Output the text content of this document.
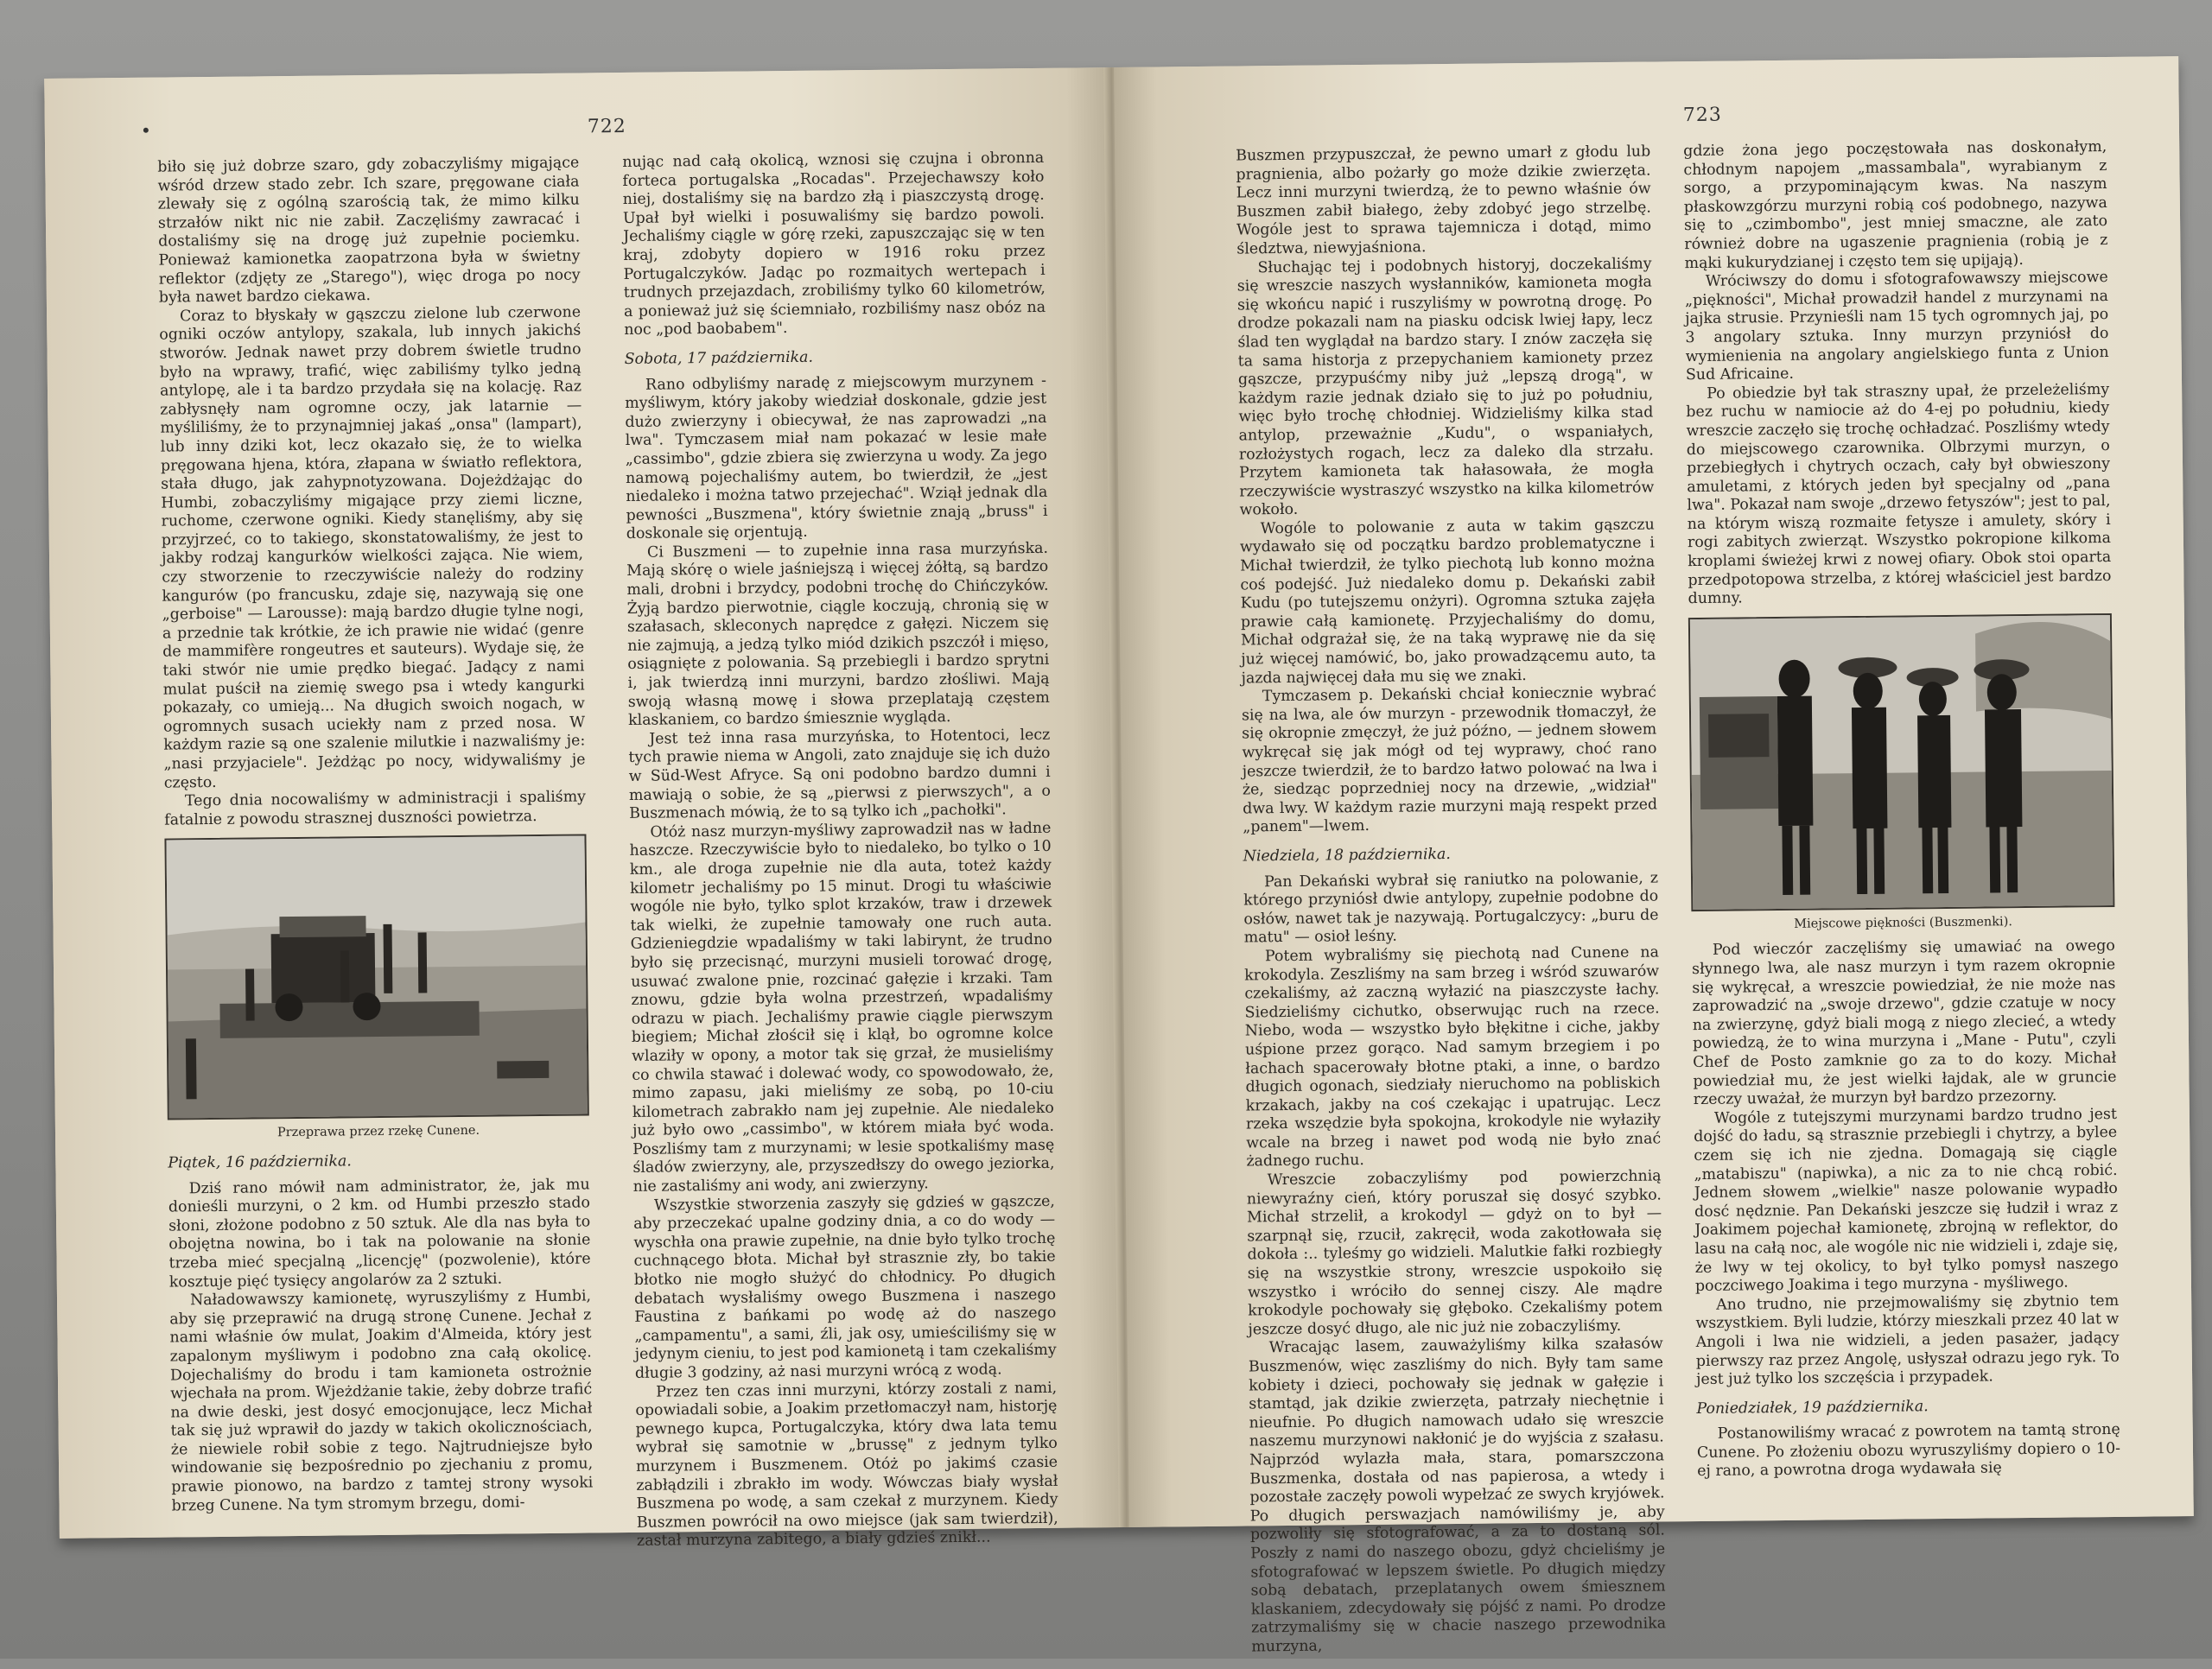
722

biło się już dobrze szaro, gdy zobaczyliśmy migające wśród drzew stado zebr. Ich szare, pręgowane ciała zlewały się z ogólną szarością tak, że mimo kilku strzałów nikt nic nie zabił. Zaczęliśmy zawracać i dostaliśmy się na drogę już zupełnie pociemku. Ponieważ kamionetka zaopatrzona była w świetny reflektor (zdjęty ze „Starego"), więc droga po nocy była nawet bardzo ciekawa.

Coraz to błyskały w gąszczu zielone lub czerwone ogniki oczów antylopy, szakala, lub innych jakichś stworów. Jednak nawet przy dobrem świetle trudno było na wprawy, trafić, więc zabiliśmy tylko jedną antylopę, ale i ta bardzo przydała się na kolację. Raz zabłysnęły nam ogromne oczy, jak latarnie — myśliliśmy, że to przynajmniej jakaś „onsa" (lampart), lub inny dziki kot, lecz okazało się, że to wielka pręgowana hjena, która, złapana w światło reflektora, stała długo, jak zahypnotyzowana. Dojeżdżając do Humbi, zobaczyliśmy migające przy ziemi liczne, ruchome, czerwone ogniki. Kiedy stanęliśmy, aby się przyjrzeć, co to takiego, skonstatowaliśmy, że jest to jakby rodzaj kangurków wielkości zająca. Nie wiem, czy stworzenie to rzeczywiście należy do rodziny kangurów (po francusku, zdaje się, nazywają się one „gerboise" — Larousse): mają bardzo długie tylne nogi, a przednie tak krótkie, że ich prawie nie widać (genre de mammifère rongeutres et sauteurs). Wydaje się, że taki stwór nie umie prędko biegać. Jadący z nami mulat puścił na ziemię swego psa i wtedy kangurki pokazały, co umieją... Na długich swoich nogach, w ogromnych susach uciekły nam z przed nosa. W każdym razie są one szalenie milutkie i nazwaliśmy je: „nasi przyjaciele". Jeżdżąc po nocy, widywaliśmy je często.

Tego dnia nocowaliśmy w administracji i spaliśmy fatalnie z powodu strasznej duszności powietrza.

Przeprawa przez rzekę Cunene.

Piątek, 16 października.

Dziś rano mówił nam administrator, że, jak mu donieśli murzyni, o 2 km. od Humbi przeszło stado słoni, złożone podobno z 50 sztuk. Ale dla nas była to obojętna nowina, bo i tak na polowanie na słonie trzeba mieć specjalną „licencję" (pozwolenie), które kosztuje pięć tysięcy angolarów za 2 sztuki.

Naładowawszy kamionetę, wyruszyliśmy z Humbi, aby się przeprawić na drugą stronę Cunene. Jechał z nami właśnie ów mulat, Joakim d'Almeida, który jest zapalonym myśliwym i podobno zna całą okolicę. Dojechaliśmy do brodu i tam kamioneta ostrożnie wjechała na prom. Wjeżdżanie takie, żeby dobrze trafić na dwie deski, jest dosyć emocjonujące, lecz Michał tak się już wprawił do jazdy w takich okolicznościach, że niewiele robił sobie z tego. Najtrudniejsze było windowanie się bezpośrednio po zjechaniu z promu, prawie pionowo, na bardzo z tamtej strony wysoki brzeg Cunene. Na tym stromym brzegu, domi-

nując nad całą okolicą, wznosi się czujna i obronna forteca portugalska „Rocadas". Przejechawszy koło niej, dostaliśmy się na bardzo złą i piaszczystą drogę. Upał był wielki i posuwaliśmy się bardzo powoli. Jechaliśmy ciągle w górę rzeki, zapuszczając się w ten kraj, zdobyty dopiero w 1916 roku przez Portugalczyków. Jadąc po rozmaitych wertepach i trudnych przejazdach, zrobiliśmy tylko 60 kilometrów, a ponieważ już się ściemniało, rozbiliśmy nasz obóz na noc „pod baobabem".

Sobota, 17 października.

Rano odbyliśmy naradę z miejscowym murzynem - myśliwym, który jakoby wiedział doskonale, gdzie jest dużo zwierzyny i obiecywał, że nas zaprowadzi „na lwa". Tymczasem miał nam pokazać w lesie małe „cassimbo", gdzie zbiera się zwierzyna u wody. Za jego namową pojechaliśmy autem, bo twierdził, że „jest niedaleko i można tatwo przejechać". Wziął jednak dla pewności „Buszmena", który świetnie znają „bruss" i doskonale się orjentują.

Ci Buszmeni — to zupełnie inna rasa murzyńska. Mają skórę o wiele jaśniejszą i więcej żółtą, są bardzo mali, drobni i brzydcy, podobni trochę do Chińczyków. Żyją bardzo pierwotnie, ciągle koczują, chronią się w szałasach, skleconych naprędce z gałęzi. Niczem się nie zajmują, a jedzą tylko miód dzikich pszczół i mięso, osiągnięte z polowania. Są przebiegli i bardzo sprytni i, jak twierdzą inni murzyni, bardzo złośliwi. Mają swoją własną mowę i słowa przeplatają częstem klaskaniem, co bardzo śmiesznie wygląda.

Jest też inna rasa murzyńska, to Hotentoci, lecz tych prawie niema w Angoli, zato znajduje się ich dużo w Süd-West Afryce. Są oni podobno bardzo dumni i mawiają o sobie, że są „pierwsi z pierwszych", a o Buszmenach mówią, że to są tylko ich „pachołki".

Otóż nasz murzyn-myśliwy zaprowadził nas w ładne haszcze. Rzeczywiście było to niedaleko, bo tylko o 10 km., ale droga zupełnie nie dla auta, toteż każdy kilometr jechaliśmy po 15 minut. Drogi tu właściwie wogóle nie było, tylko splot krzaków, traw i drzewek tak wielki, że zupełnie tamowały one ruch auta. Gdzieniegdzie wpadaliśmy w taki labirynt, że trudno było się przecisnąć, murzyni musieli torować drogę, usuwać zwalone pnie, rozcinać gałęzie i krzaki. Tam znowu, gdzie była wolna przestrzeń, wpadaliśmy odrazu w piach. Jechaliśmy prawie ciągle pierwszym biegiem; Michał złościł się i klął, bo ogromne kolce wlaziły w opony, a motor tak się grzał, że musieliśmy co chwila stawać i dolewać wody, co spowodowało, że, mimo zapasu, jaki mieliśmy ze sobą, po 10-ciu kilometrach zabrakło nam jej zupełnie. Ale niedaleko już było owo „cassimbo", w którem miała być woda. Poszliśmy tam z murzynami; w lesie spotkaliśmy masę śladów zwierzyny, ale, przyszedłszy do owego jeziorka, nie zastaliśmy ani wody, ani zwierzyny.

Wszystkie stworzenia zaszyły się gdzieś w gąszcze, aby przeczekać upalne godziny dnia, a co do wody — wyschła ona prawie zupełnie, na dnie było tylko trochę cuchnącego błota. Michał był strasznie zły, bo takie błotko nie mogło służyć do chłodnicy. Po długich debatach wysłaliśmy owego Buszmena i naszego Faustina z bańkami po wodę aż do naszego „campamentu", a sami, źli, jak osy, umieściliśmy się w jedynym cieniu, to jest pod kamionetą i tam czekaliśmy długie 3 godziny, aż nasi murzyni wrócą z wodą.

Przez ten czas inni murzyni, którzy zostali z nami, opowiadali sobie, a Joakim przetłomaczył nam, historję pewnego kupca, Portugalczyka, który dwa lata temu wybrał się samotnie w „brussę" z jednym tylko murzynem i Buszmenem. Otóż po jakimś czasie zabłądzili i zbrakło im wody. Wówczas biały wysłał Buszmena po wodę, a sam czekał z murzynem. Kiedy Buszmen powrócił na owo miejsce (jak sam twierdził), zastał murzyna zabitego, a biały gdzieś znikł...

723

Buszmen przypuszczał, że pewno umarł z głodu lub pragnienia, albo pożarły go może dzikie zwierzęta. Lecz inni murzyni twierdzą, że to pewno właśnie ów Buszmen zabił białego, żeby zdobyć jego strzelbę. Wogóle jest to sprawa tajemnicza i dotąd, mimo śledztwa, niewyjaśniona.

Słuchając tej i podobnych historyj, doczekaliśmy się wreszcie naszych wysłanników, kamioneta mogła się wkońcu napić i ruszyliśmy w powrotną drogę. Po drodze pokazali nam na piasku odcisk lwiej łapy, lecz ślad ten wyglądał na bardzo stary. I znów zaczęła się ta sama historja z przepychaniem kamionety przez gąszcze, przypuśćmy niby już „lepszą drogą", w każdym razie jednak działo się to już po południu, więc było trochę chłodniej. Widzieliśmy kilka stad antylop, przeważnie „Kudu", o wspaniałych, rozłożystych rogach, lecz za daleko dla strzału. Przytem kamioneta tak hałasowała, że mogła rzeczywiście wystraszyć wszystko na kilka kilometrów wokoło.

Wogóle to polowanie z auta w takim gąszczu wydawało się od początku bardzo problematyczne i Michał twierdził, że tylko piechotą lub konno można coś podejść. Już niedaleko domu p. Dekański zabił Kudu (po tutejszemu onżyri). Ogromna sztuka zajęła prawie całą kamionetę. Przyjechaliśmy do domu, Michał odgrażał się, że na taką wyprawę nie da się już więcej namówić, bo, jako prowadzącemu auto, ta jazda najwięcej dała mu się we znaki.

Tymczasem p. Dekański chciał koniecznie wybrać się na lwa, ale ów murzyn - przewodnik tłomaczył, że się okropnie zmęczył, że już późno, — jednem słowem wykręcał się jak mógł od tej wyprawy, choć rano jeszcze twierdził, że to bardzo łatwo polować na lwa i że, siedząc poprzedniej nocy na drzewie, „widział" dwa lwy. W każdym razie murzyni mają respekt przed „panem"—lwem.

Niedziela, 18 października.

Pan Dekański wybrał się raniutko na polowanie, z którego przyniósł dwie antylopy, zupełnie podobne do osłów, nawet tak je nazywają. Portugalczycy: „buru de matu" — osioł leśny.

Potem wybraliśmy się piechotą nad Cunene na krokodyla. Zeszliśmy na sam brzeg i wśród szuwarów czekaliśmy, aż zaczną wyłazić na piaszczyste łachy. Siedzieliśmy cichutko, obserwując ruch na rzece. Niebo, woda — wszystko było błękitne i ciche, jakby uśpione przez gorąco. Nad samym brzegiem i po łachach spacerowały błotne ptaki, a inne, o bardzo długich ogonach, siedziały nieruchomo na pobliskich krzakach, jakby na coś czekając i upatrując. Lecz rzeka wszędzie była spokojna, krokodyle nie wyłaziły wcale na brzeg i nawet pod wodą nie było znać żadnego ruchu.

Wreszcie zobaczyliśmy pod powierzchnią niewyraźny cień, który poruszał się dosyć szybko. Michał strzelił, a krokodyl — gdyż on to był — szarpnął się, rzucił, zakręcił, woda zakotłowała się dokoła :.. tyleśmy go widzieli. Malutkie fałki rozbiegły się na wszystkie strony, wreszcie uspokoiło się wszystko i wróciło do sennej ciszy. Ale mądre krokodyle pochowały się głęboko. Czekaliśmy potem jeszcze dosyć długo, ale nic już nie zobaczyliśmy.

Wracając lasem, zauważyliśmy kilka szałasów Buszmenów, więc zaszliśmy do nich. Były tam same kobiety i dzieci, pochowały się jednak w gałęzie i stamtąd, jak dzikie zwierzęta, patrzały niechętnie i nieufnie. Po długich namowach udało się wreszcie naszemu murzynowi nakłonić je do wyjścia z szałasu. Najprzód wylazła mała, stara, pomarszczona Buszmenka, dostała od nas papierosa, a wtedy i pozostałe zaczęły powoli wypełzać ze swych kryjówek. Po długich perswazjach namówiliśmy je, aby pozwoliły się sfotografować, a za to dostaną sól. Poszły z nami do naszego obozu, gdyż chcieliśmy je sfotografować w lepszem świetle. Po długich między sobą debatach, przeplatanych owem śmiesznem klaskaniem, zdecydowały się pójść z nami. Po drodze zatrzymaliśmy się w chacie naszego przewodnika murzyna,

gdzie żona jego poczęstowała nas doskonałym, chłodnym napojem „massambala", wyrabianym z sorgo, a przypominającym kwas. Na naszym płaskowzgórzu murzyni robią coś podobnego, nazywa się to „czimbombo", jest mniej smaczne, ale zato również dobre na ugaszenie pragnienia (robią je z mąki kukurydzianej i często tem się upijają).

Wróciwszy do domu i sfotografowawszy miejscowe „piękności", Michał prowadził handel z murzynami na jajka strusie. Przynieśli nam 15 tych ogromnych jaj, po 3 angolary sztuka. Inny murzyn przyniósł do wymienienia na angolary angielskiego funta z Union Sud Africaine.

Po obiedzie był tak straszny upał, że przeleżeliśmy bez ruchu w namiocie aż do 4-ej po południu, kiedy wreszcie zaczęło się trochę ochładzać. Poszliśmy wtedy do miejscowego czarownika. Olbrzymi murzyn, o przebiegłych i chytrych oczach, cały był obwieszony amuletami, z których jeden był specjalny od „pana lwa". Pokazał nam swoje „drzewo fetyszów"; jest to pal, na którym wiszą rozmaite fetysze i amulety, skóry i rogi zabitych zwierząt. Wszystko pokropione kilkoma kroplami świeżej krwi z nowej ofiary. Obok stoi oparta przedpotopowa strzelba, z której właściciel jest bardzo dumny.

Miejscowe piękności (Buszmenki).

Pod wieczór zaczęliśmy się umawiać na owego słynnego lwa, ale nasz murzyn i tym razem okropnie się wykręcał, a wreszcie powiedział, że nie może nas zaprowadzić na „swoje drzewo", gdzie czatuje w nocy na zwierzynę, gdyż biali mogą z niego zlecieć, a wtedy powiedzą, że to wina murzyna i „Mane - Putu", czyli Chef de Posto zamknie go za to do kozy. Michał powiedział mu, że jest wielki łajdak, ale w gruncie rzeczy uważał, że murzyn był bardzo przezorny.

Wogóle z tutejszymi murzynami bardzo trudno jest dojść do ładu, są strasznie przebiegli i chytrzy, a bylee czem się ich nie zjedna. Domagają się ciągle „matabiszu" (napiwka), a nic za to nie chcą robić. Jednem słowem „wielkie" nasze polowanie wypadło dosć nędznie. Pan Dekański jeszcze się łudził i wraz z Joakimem pojechał kamionetę, zbrojną w reflektor, do lasu na całą noc, ale wogóle nic nie widzieli i, zdaje się, że lwy w tej okolicy, to był tylko pomysł naszego poczciwego Joakima i tego murzyna - myśliwego.

Ano trudno, nie przejmowaliśmy się zbytnio tem wszystkiem. Byli ludzie, którzy mieszkali przez 40 lat w Angoli i lwa nie widzieli, a jeden pasażer, jadący pierwszy raz przez Angolę, usłyszał odrazu jego ryk. To jest już tylko los szczęścia i przypadek.

Poniedziałek, 19 października.

Postanowiliśmy wracać z powrotem na tamtą stronę Cunene. Po złożeniu obozu wyruszyliśmy dopiero o 10-ej rano, a powrotna droga wydawała się
